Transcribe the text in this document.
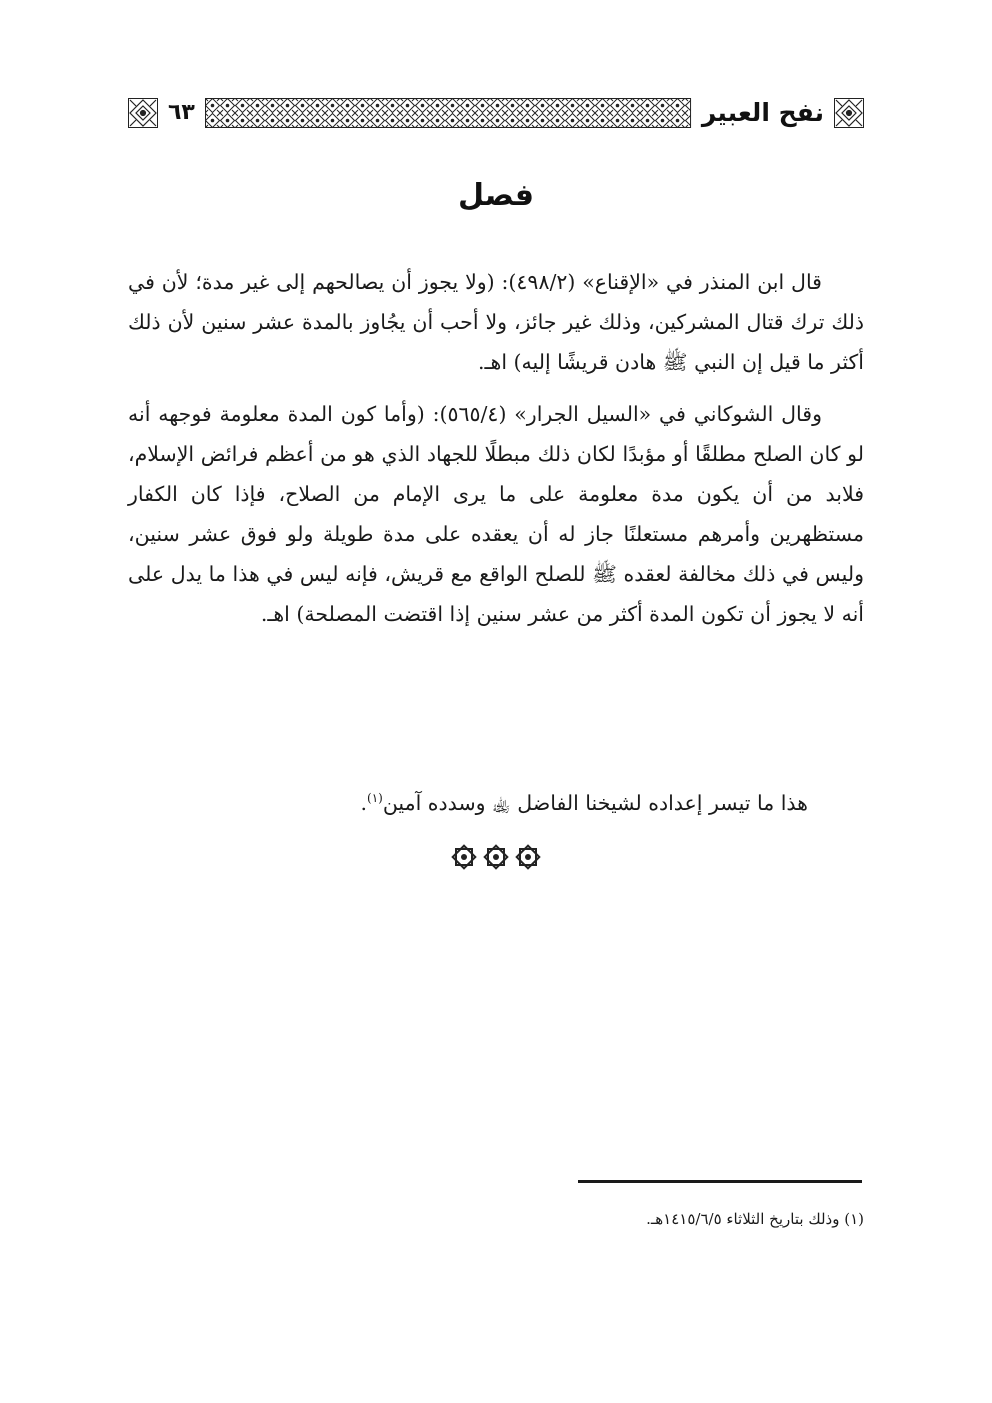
نفح العبير
٦٣
فصل

قال ابن المنذر في «الإقناع» (٤٩٨/٢): (ولا يجوز أن يصالحهم إلى غير مدة؛ لأن في ذلك ترك قتال المشركين، وذلك غير جائز، ولا أحب أن يجُاوز بالمدة عشر سنين لأن ذلك أكثر ما قيل إن النبي ﷺ هادن قريشًا إليه) اهـ.

وقال الشوكاني في «السيل الجرار» (٥٦٥/٤): (وأما كون المدة معلومة فوجهه أنه لو كان الصلح مطلقًا أو مؤبدًا لكان ذلك مبطلًا للجهاد الذي هو من أعظم فرائض الإسلام، فلابد من أن يكون مدة معلومة على ما يرى الإمام من الصلاح، فإذا كان الكفار مستظهرين وأمرهم مستعلنًا جاز له أن يعقده على مدة طويلة ولو فوق عشر سنين، وليس في ذلك مخالفة لعقده ﷺ للصلح الواقع مع قريش، فإنه ليس في هذا ما يدل على أنه لا يجوز أن تكون المدة أكثر من عشر سنين إذا اقتضت المصلحة) اهـ.

هذا ما تيسر إعداده لشيخنا الفاضل ﵀ وسدده آمين$^{(١)}$.
(١) وذلك بتاريخ الثلاثاء ١٤١٥/٦/٥هـ.
